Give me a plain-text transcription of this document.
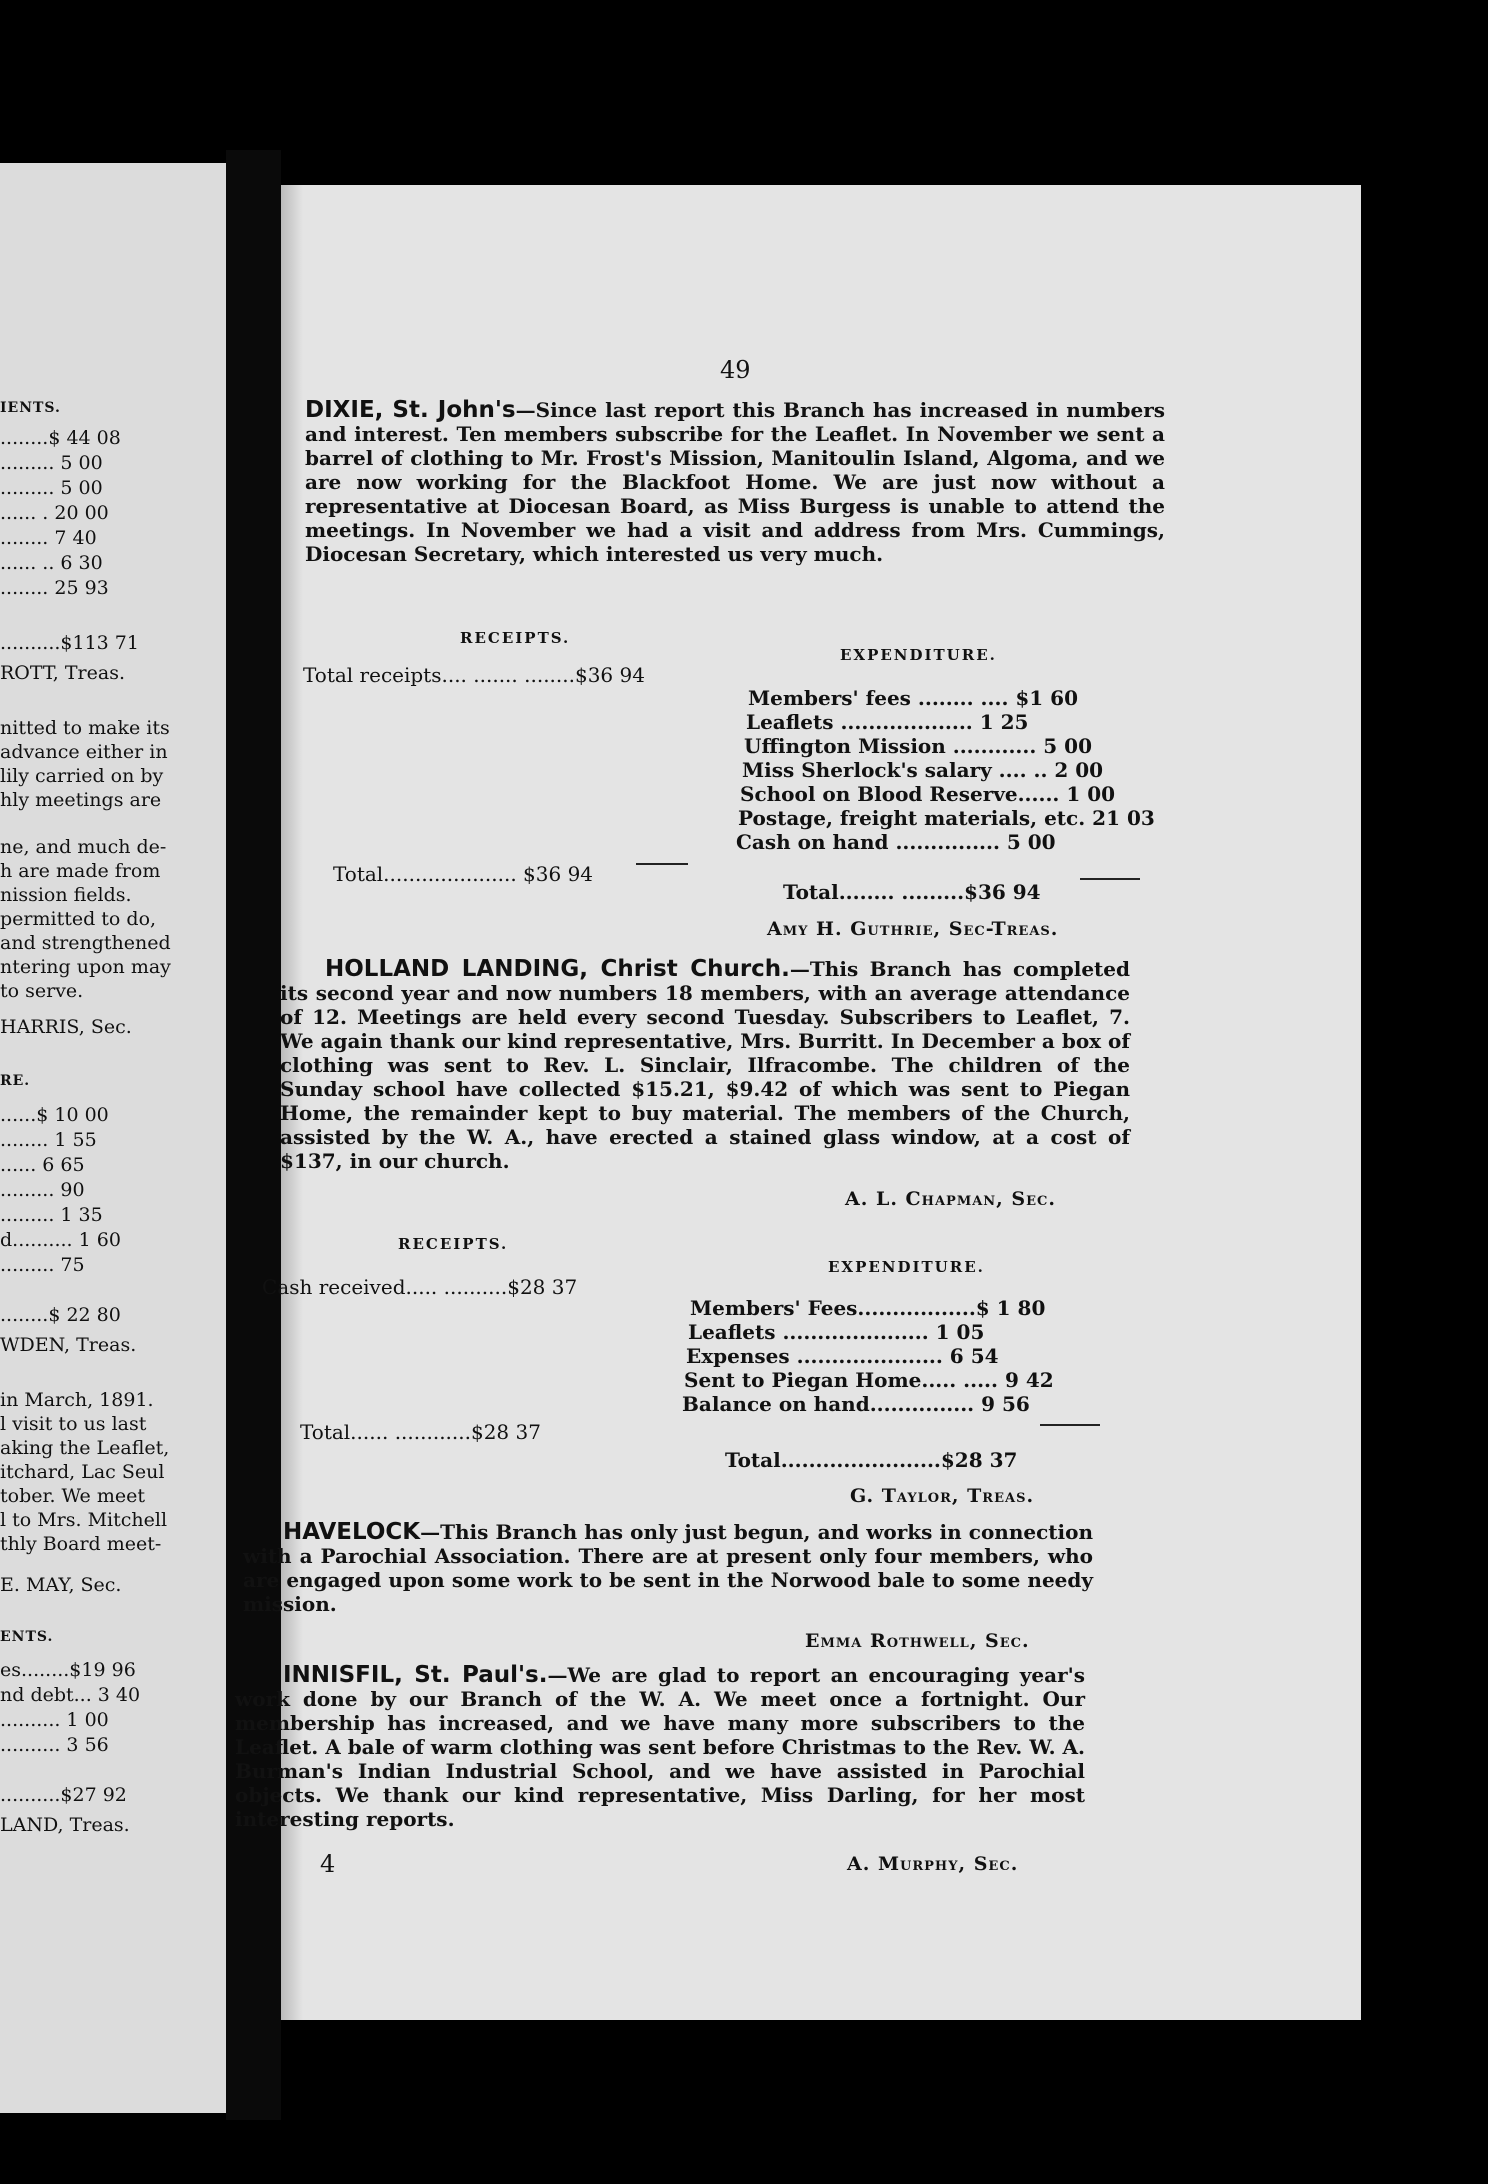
IENTS.
........$ 44 08
......... 5 00
......... 5 00
...... . 20 00
........ 7 40
...... .. 6 30
........ 25 93
..........$113 71
ROTT, Treas.
nitted to make its
advance either in
lily carried on by
hly meetings are
ne, and much de-
h are made from
nission fields.
permitted to do,
and strengthened
ntering upon may
to serve.
HARRIS, Sec.
RE.
......$ 10 00
........ 1 55
...... 6 65
......... 90
......... 1 35
d.......... 1 60
......... 75
........$ 22 80
WDEN, Treas.
in March, 1891.
l visit to us last
aking the Leaflet,
itchard, Lac Seul
tober. We meet
l to Mrs. Mitchell
thly Board meet-
E. MAY, Sec.
ENTS.
es........$19 96
nd debt... 3 40
.......... 1 00
.......... 3 56
..........$27 92
LAND, Treas.
49
DIXIE, St. John's—Since last report this Branch has increased in numbers and interest. Ten members subscribe for the Leaflet. In November we sent a barrel of clothing to Mr. Frost's Mission, Manitoulin Island, Algoma, and we are now working for the Blackfoot Home. We are just now without a representative at Diocesan Board, as Miss Burgess is unable to attend the meetings. In November we had a visit and address from Mrs. Cummings, Diocesan Secretary, which interested us very much.
RECEIPTS.
EXPENDITURE.
Total receipts.... ....... ........$36 94
Members' fees ........ .... $1 60
Leaflets ................... 1 25
Uffington Mission ............ 5 00
Miss Sherlock's salary .... .. 2 00
School on Blood Reserve...... 1 00
Postage, freight materials, etc. 21 03
Cash on hand ............... 5 00
Total..................... $36 94
Total........ .........$36 94
Amy H. Guthrie, Sec-Treas.
HOLLAND LANDING, Christ Church.—This Branch has completed its second year and now numbers 18 members, with an average attendance of 12. Meetings are held every second Tuesday. Subscribers to Leaflet, 7. We again thank our kind representative, Mrs. Burritt. In December a box of clothing was sent to Rev. L. Sinclair, Ilfracombe. The children of the Sunday school have collected $15.21, $9.42 of which was sent to Piegan Home, the remainder kept to buy material. The members of the Church, assisted by the W. A., have erected a stained glass window, at a cost of $137, in our church.
A. L. Chapman, Sec.
RECEIPTS.
EXPENDITURE.
Cash received..... ..........$28 37
Members' Fees.................$ 1 80
Leaflets ..................... 1 05
Expenses ..................... 6 54
Sent to Piegan Home..... ..... 9 42
Balance on hand............... 9 56
Total...... ............$28 37
Total.......................$28 37
G. Taylor, Treas.
HAVELOCK—This Branch has only just begun, and works in connection with a Parochial Association. There are at present only four members, who are engaged upon some work to be sent in the Norwood bale to some needy mission.
Emma Rothwell, Sec.
INNISFIL, St. Paul's.—We are glad to report an encouraging year's work done by our Branch of the W. A. We meet once a fortnight. Our membership has increased, and we have many more subscribers to the Leaflet. A bale of warm clothing was sent before Christmas to the Rev. W. A. Burman's Indian Industrial School, and we have assisted in Parochial objects. We thank our kind representative, Miss Darling, for her most interesting reports.
A. Murphy, Sec.
4
